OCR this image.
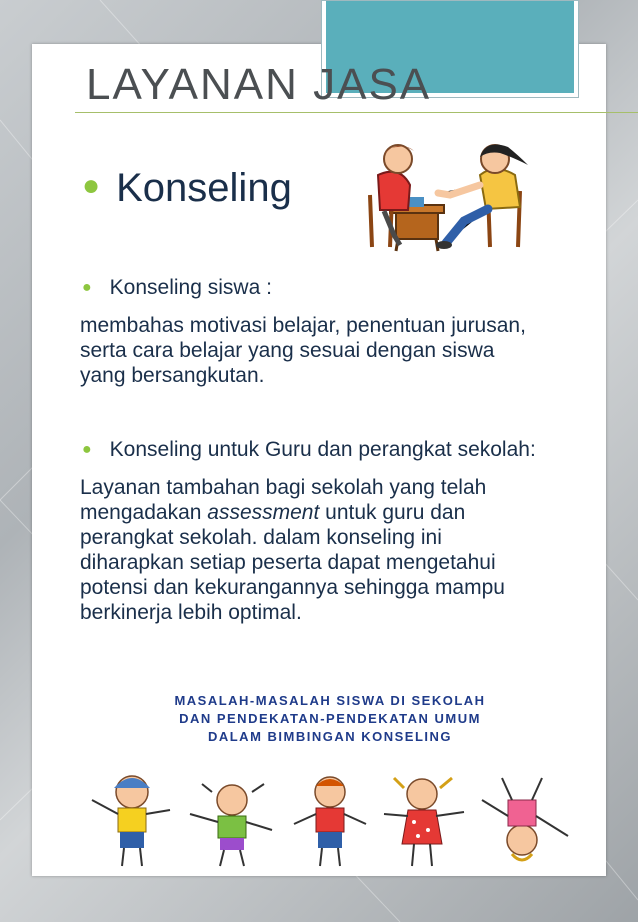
LAYANAN JASA
● Konseling
● Konseling siswa :

membahas motivasi belajar, penentuan jurusan,
serta cara belajar yang sesuai dengan siswa
yang bersangkutan.

● Konseling untuk Guru dan perangkat sekolah:

Layanan tambahan bagi sekolah yang telah
mengadakan assessment untuk guru dan
perangkat sekolah. dalam konseling ini
diharapkan setiap peserta dapat mengetahui
potensi dan kekurangannya sehingga mampu
berkinerja lebih optimal.

MASALAH-MASALAH SISWA DI SEKOLAH
DAN PENDEKATAN-PENDEKATAN UMUM
DALAM BIMBINGAN KONSELING
